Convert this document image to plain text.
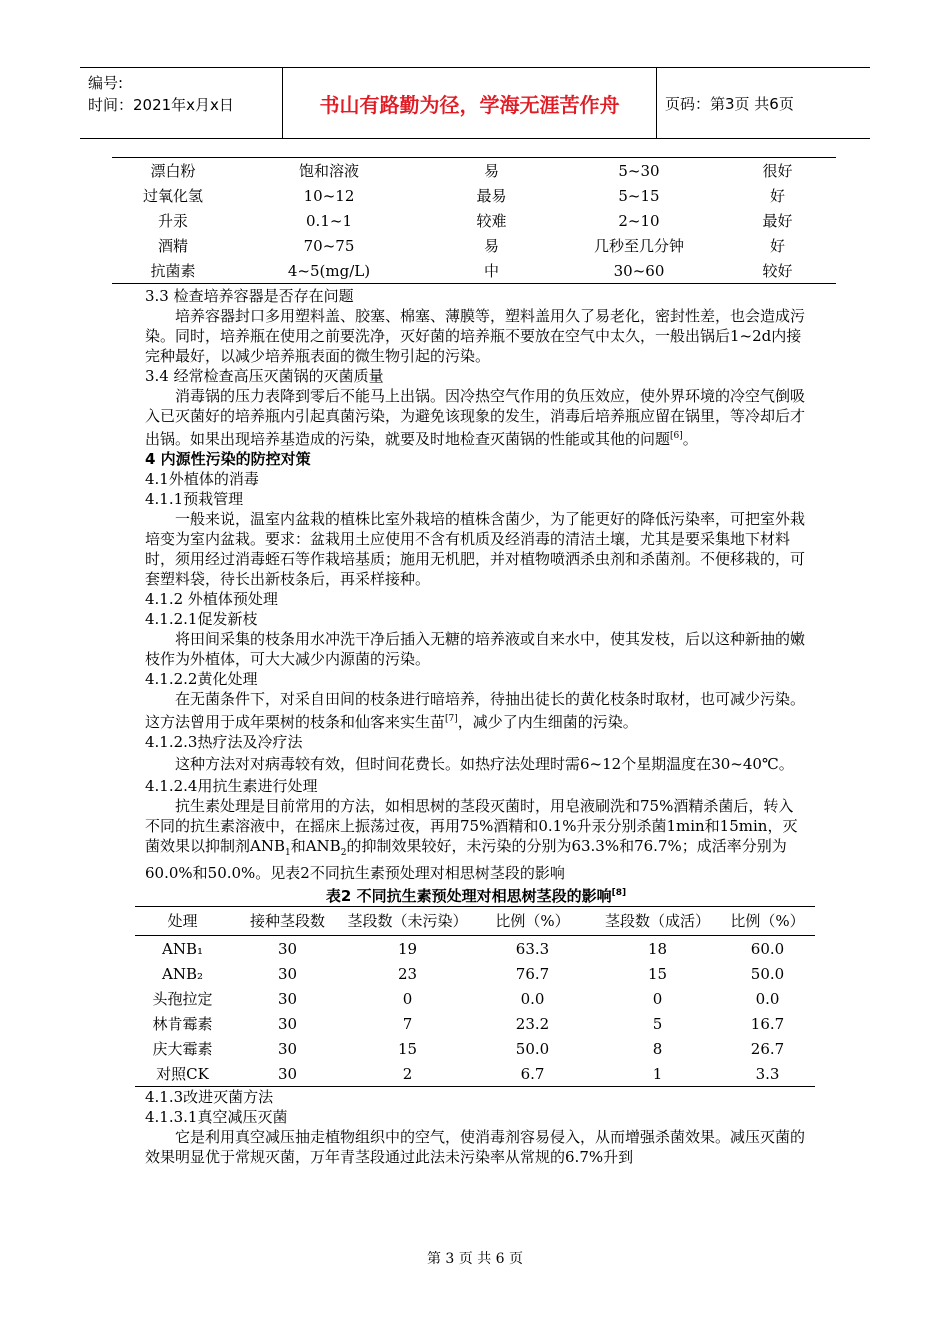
编号:
时间：2021年x月x日	书山有路勤为径，学海无涯苦作舟	页码：第3页 共6页
漂白粉	饱和溶液	易	5~30	很好
过氧化氢	10~12	最易	5~15	好
升汞	0.1~1	较难	2~10	最好
酒精	70~75	易	几秒至几分钟	好
抗菌素	4~5(mg/L)	中	30~60	较好

3.3 检查培养容器是否存在问题

培养容器封口多用塑料盖、胶塞、棉塞、薄膜等，塑料盖用久了易老化，密封性差，也会造成污染。同时，培养瓶在使用之前要洗净，灭好菌的培养瓶不要放在空气中太久，一般出锅后1~2d内接完种最好，以减少培养瓶表面的微生物引起的污染。

3.4 经常检查高压灭菌锅的灭菌质量

消毒锅的压力表降到零后不能马上出锅。因冷热空气作用的负压效应，使外界环境的冷空气倒吸入已灭菌好的培养瓶内引起真菌污染，为避免该现象的发生，消毒后培养瓶应留在锅里，等冷却后才出锅。如果出现培养基造成的污染，就要及时地检查灭菌锅的性能或其他的问题[6]。

4 内源性污染的防控对策

4.1外植体的消毒

4.1.1预栽管理

一般来说，温室内盆栽的植株比室外栽培的植株含菌少，为了能更好的降低污染率，可把室外栽培变为室内盆栽。要求：盆栽用土应使用不含有机质及经消毒的清洁土壤，尤其是要采集地下材料时，须用经过消毒蛭石等作栽培基质；施用无机肥，并对植物喷洒杀虫剂和杀菌剂。不便移栽的，可套塑料袋，待长出新枝条后，再采样接种。

4.1.2 外植体预处理

4.1.2.1促发新枝

将田间采集的枝条用水冲洗干净后插入无糖的培养液或自来水中，使其发枝，后以这种新抽的嫩枝作为外植体，可大大减少内源菌的污染。

4.1.2.2黄化处理

在无菌条件下，对采自田间的枝条进行暗培养，待抽出徒长的黄化枝条时取材，也可减少污染。这方法曾用于成年栗树的枝条和仙客来实生苗[7]，减少了内生细菌的污染。

4.1.2.3热疗法及冷疗法

这种方法对对病毒较有效，但时间花费长。如热疗法处理时需6~12个星期温度在30~40℃。

4.1.2.4用抗生素进行处理

抗生素处理是目前常用的方法，如相思树的茎段灭菌时，用皂液刷洗和75%酒精杀菌后，转入不同的抗生素溶液中，在摇床上振荡过夜，再用75%酒精和0.1%升汞分别杀菌1min和15min，灭菌效果以抑制剂$ANB_1$和$ANB_2$的抑制效果较好，未污染的分别为63.3%和76.7%；成活率分别为60.0%和50.0%。见表2不同抗生素预处理对相思树茎段的影响

表2 不同抗生素预处理对相思树茎段的影响[8]

处理	接种茎段数	茎段数（未污染）	比例（%）	茎段数（成活）	比例（%）
ANB₁	30	19	63.3	18	60.0
ANB₂	30	23	76.7	15	50.0
头孢拉定	30	0	0.0	0	0.0
林肯霉素	30	7	23.2	5	16.7
庆大霉素	30	15	50.0	8	26.7
对照CK	30	2	6.7	1	3.3

4.1.3改进灭菌方法

4.1.3.1真空减压灭菌

它是利用真空减压抽走植物组织中的空气，使消毒剂容易侵入，从而增强杀菌效果。减压灭菌的效果明显优于常规灭菌，万年青茎段通过此法未污染率从常规的6.7%升到

第 3 页 共 6 页
